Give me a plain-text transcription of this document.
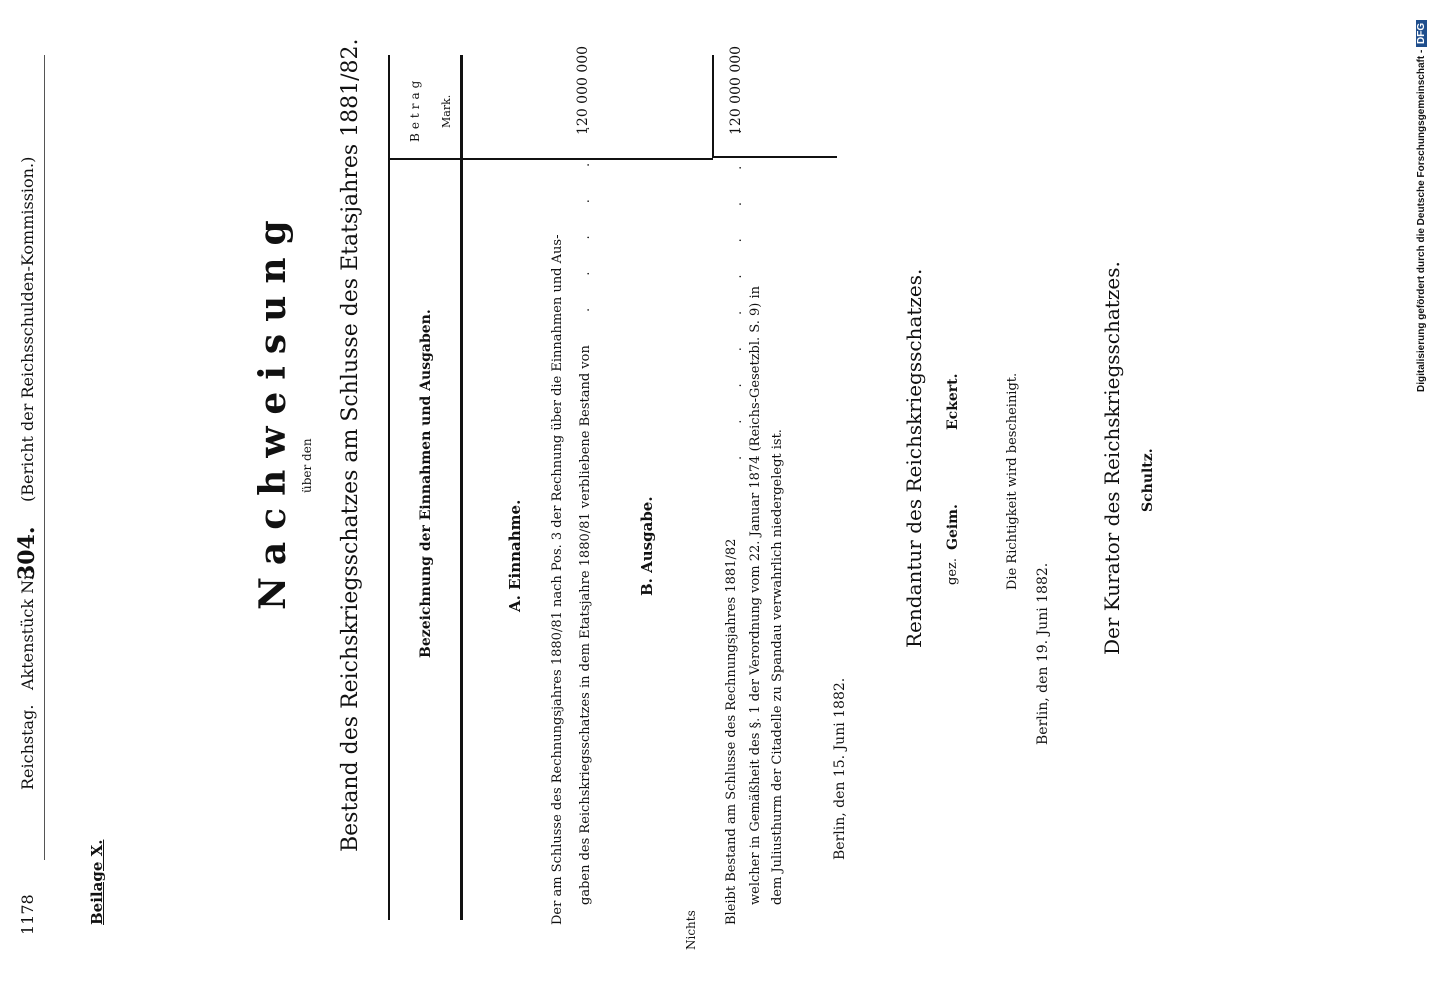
1178
Reichstag.
Aktenstück Nr.
304.
(Bericht der Reichsschulden-Kommission.)
Beilage X.
Nachweisung über den Bestand des Reichskriegsschatzes am Schlusse des Etatsjahres 1881/82.	Bezeichnung der Einnahmen und Ausgaben.
Betrag Mark.
A. Einnahme. Der am Schlusse des Rechnungsjahres 1880/81 nach Pos. 3 der Rechnung über die Einnahmen und Aus- gaben des Reichskriegsschatzes in dem Etatsjahre 1880/81 verbliebene Bestand von
. . . . . .
120 000 000
B. Ausgabe.
Nichts
Bleibt Bestand am Schlusse des Rechnungsjahres 1881/82
. . . . . . . . . . welcher in Gemäßheit des §. 1 der Verordnung vom 22. Januar 1874 (Reichs-Gesetzbl. S. 9) in dem Juliusthurm der Citadelle zu Spandau verwahrlich niedergelegt ist.
120 000 000
Berlin, den 15. Juni 1882.
Rendantur des Reichskriegsschatzes. gez.
Geim.
Eckert.	Die Richtigkeit wird bescheinigt.
Berlin, den 19. Juni 1882. Der Kurator des Reichskriegsschatzes. Schultz.
Digitalisierung gefördert durch die Deutsche Forschungsgemeinschaft - DFG
